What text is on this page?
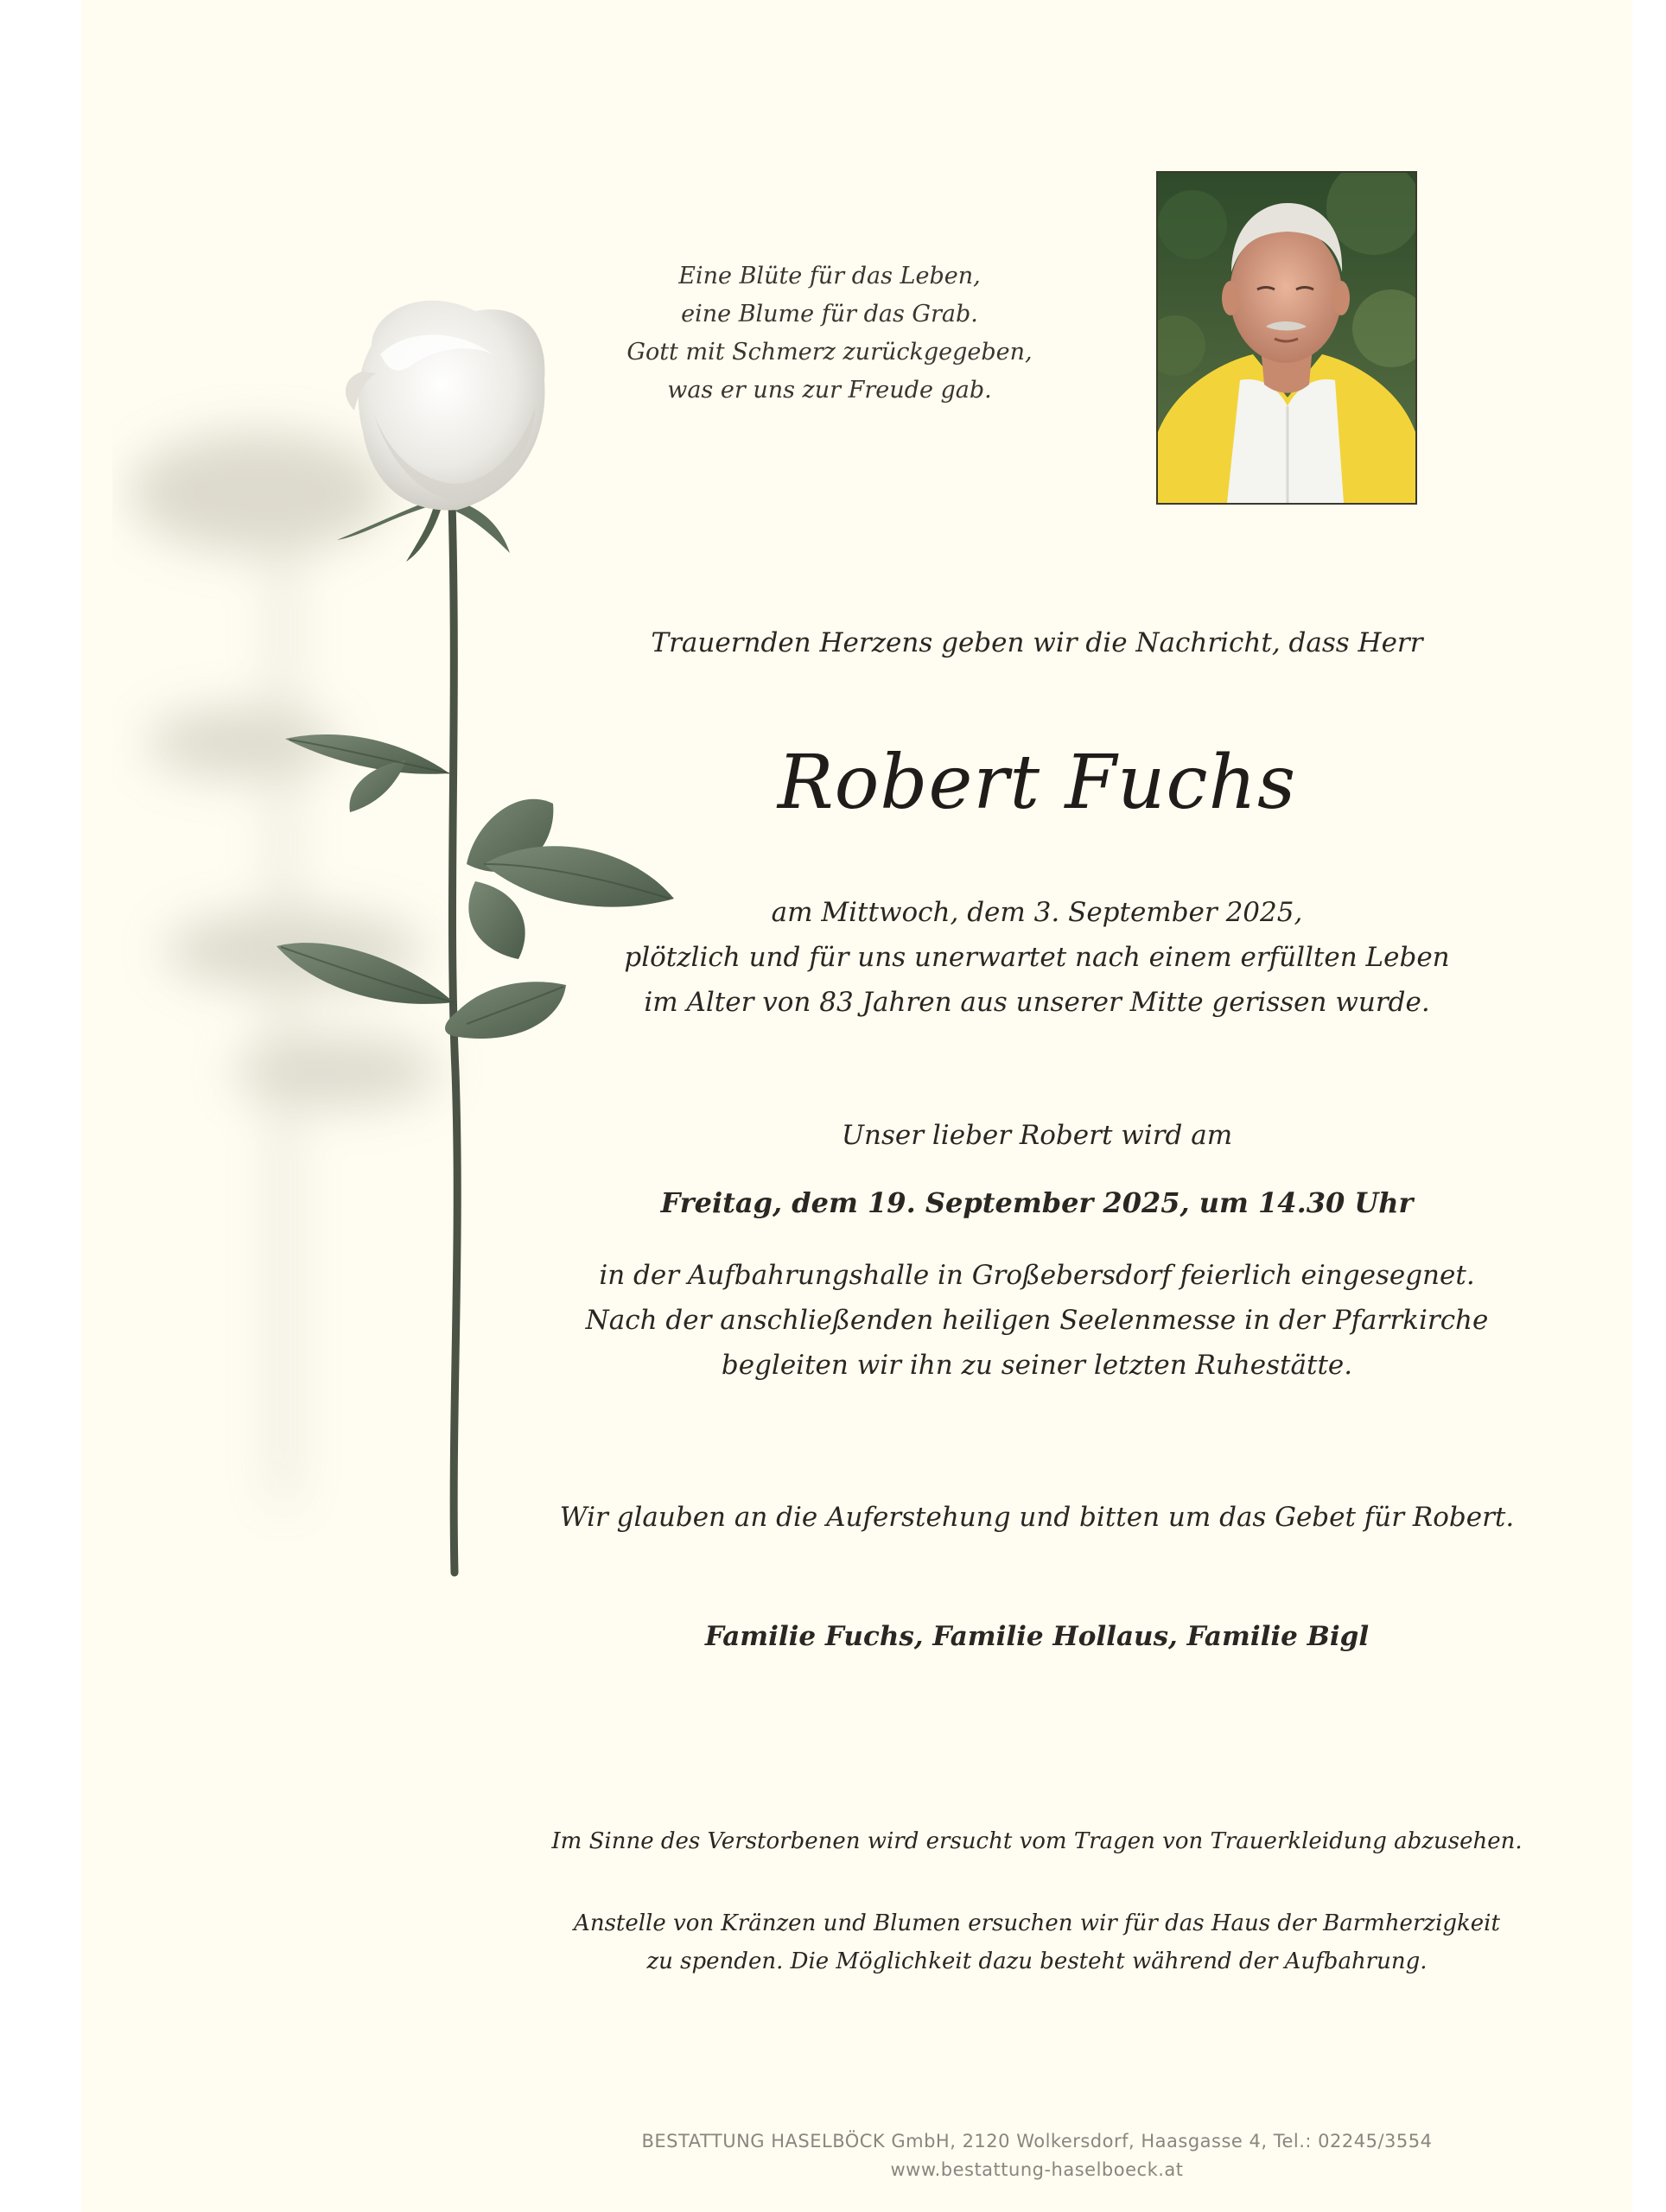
Eine Blüte für das Leben,
eine Blume für das Grab.
Gott mit Schmerz zurückgegeben,
was er uns zur Freude gab.
Trauernden Herzens geben wir die Nachricht, dass Herr
Robert Fuchs
am Mittwoch, dem 3. September 2025,
plötzlich und für uns unerwartet nach einem erfüllten Leben
im Alter von 83 Jahren aus unserer Mitte gerissen wurde.
Unser lieber Robert wird am
Freitag, dem 19. September 2025, um 14.30 Uhr
in der Aufbahrungshalle in Großebersdorf feierlich eingesegnet.
Nach der anschließenden heiligen Seelenmesse in der Pfarrkirche
begleiten wir ihn zu seiner letzten Ruhestätte.
Wir glauben an die Auferstehung und bitten um das Gebet für Robert.
Familie Fuchs, Familie Hollaus, Familie Bigl
Im Sinne des Verstorbenen wird ersucht vom Tragen von Trauerkleidung abzusehen.
Anstelle von Kränzen und Blumen ersuchen wir für das Haus der Barmherzigkeit
zu spenden. Die Möglichkeit dazu besteht während der Aufbahrung.
BESTATTUNG HASELBÖCK GmbH, 2120 Wolkersdorf, Haasgasse 4, Tel.: 02245/3554
www.bestattung-haselboeck.at
